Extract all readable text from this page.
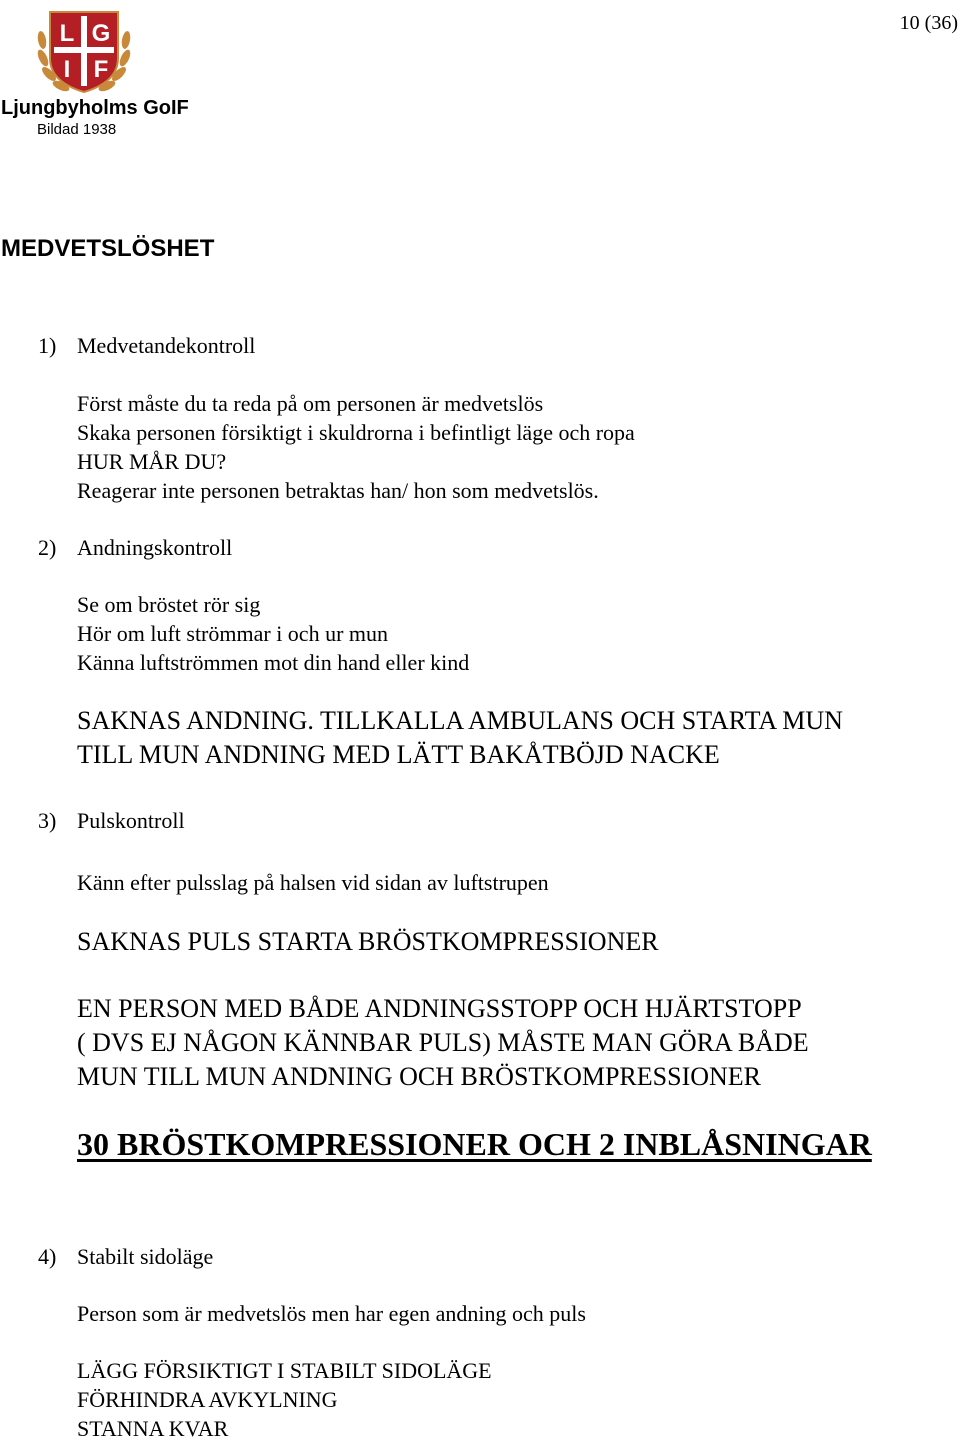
10 (36)
L G
I F
Ljungbyholms GoIF
Bildad 1938
MEDVETSLÖSHET
1) Medvetandekontroll
Först måste du ta reda på om personen är medvetslös
Skaka personen försiktigt i skuldrorna i befintligt läge och ropa
HUR MÅR DU?
Reagerar inte personen betraktas han/ hon som medvetslös.
2) Andningskontroll
Se om bröstet rör sig
Hör om luft strömmar i och ur mun
Känna luftströmmen mot din hand eller kind
SAKNAS ANDNING. TILLKALLA AMBULANS OCH STARTA MUN
TILL MUN ANDNING MED LÄTT BAKÅTBÖJD NACKE
3) Pulskontroll
Känn efter pulsslag på halsen vid sidan av luftstrupen
SAKNAS PULS STARTA BRÖSTKOMPRESSIONER
EN PERSON MED BÅDE ANDNINGSSTOPP OCH HJÄRTSTOPP
( DVS EJ NÅGON KÄNNBAR PULS) MÅSTE MAN GÖRA BÅDE
MUN TILL MUN ANDNING OCH BRÖSTKOMPRESSIONER
30 BRÖSTKOMPRESSIONER OCH 2 INBLÅSNINGAR
4) Stabilt sidoläge
Person som är medvetslös men har egen andning och puls
LÄGG FÖRSIKTIGT I STABILT SIDOLÄGE
FÖRHINDRA AVKYLNING
STANNA KVAR
